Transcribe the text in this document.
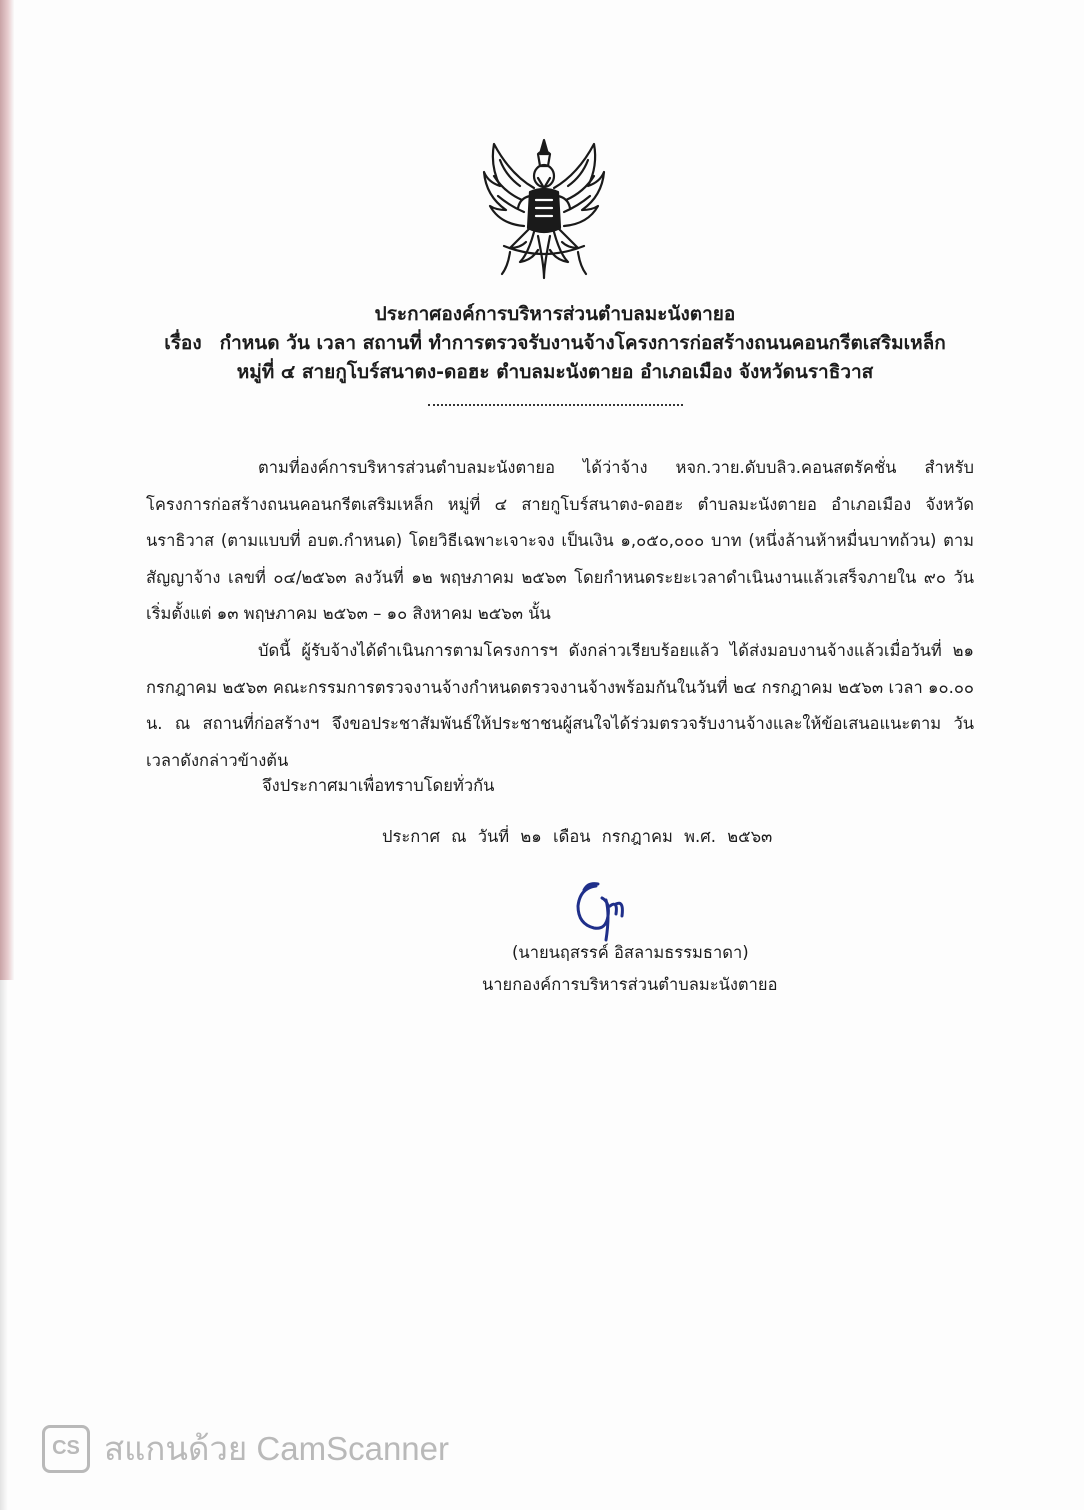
ประกาศองค์การบริหารส่วนตำบลมะนังตายอ
เรื่อง กำหนด วัน เวลา สถานที่ ทำการตรวจรับงานจ้างโครงการก่อสร้างถนนคอนกรีตเสริมเหล็ก
หมู่ที่ ๔ สายกูโบร์สนาตง-ดอฮะ ตำบลมะนังตายอ อำเภอเมือง จังหวัดนราธิวาส
ตามที่องค์การบริหารส่วนตำบลมะนังตายอ ได้ว่าจ้าง หจก.วาย.ดับบลิว.คอนสตรัคชั่น สำหรับ โครงการก่อสร้างถนนคอนกรีตเสริมเหล็ก หมู่ที่ ๔ สายกูโบร์สนาตง-ดอฮะ ตำบลมะนังตายอ อำเภอเมือง จังหวัดนราธิวาส (ตามแบบที่ อบต.กำหนด) โดยวิธีเฉพาะเจาะจง เป็นเงิน ๑,๐๕๐,๐๐๐ บาท (หนึ่งล้านห้าหมื่นบาทถ้วน) ตามสัญญาจ้าง เลขที่ ๐๔/๒๕๖๓ ลงวันที่ ๑๒ พฤษภาคม ๒๕๖๓ โดยกำหนดระยะเวลาดำเนินงานแล้วเสร็จภายใน ๙๐ วัน เริ่มตั้งแต่ ๑๓ พฤษภาคม ๒๕๖๓ – ๑๐ สิงหาคม ๒๕๖๓ นั้น
บัดนี้ ผู้รับจ้างได้ดำเนินการตามโครงการฯ ดังกล่าวเรียบร้อยแล้ว ได้ส่งมอบงานจ้างแล้วเมื่อวันที่ ๒๑ กรกฎาคม ๒๕๖๓ คณะกรรมการตรวจงานจ้างกำหนดตรวจงานจ้างพร้อมกันในวันที่ ๒๔ กรกฎาคม ๒๕๖๓ เวลา ๑๐.๐๐ น. ณ สถานที่ก่อสร้างฯ จึงขอประชาสัมพันธ์ให้ประชาชนผู้สนใจได้ร่วมตรวจรับงานจ้างและให้ข้อเสนอแนะตาม วันเวลาดังกล่าวข้างต้น
จึงประกาศมาเพื่อทราบโดยทั่วกัน
ประกาศ ณ วันที่ ๒๑ เดือน กรกฎาคม พ.ศ. ๒๕๖๓
(นายนฤสรรค์ อิสลามธรรมธาดา)
นายกองค์การบริหารส่วนตำบลมะนังตายอ
CS สแกนด้วย CamScanner
